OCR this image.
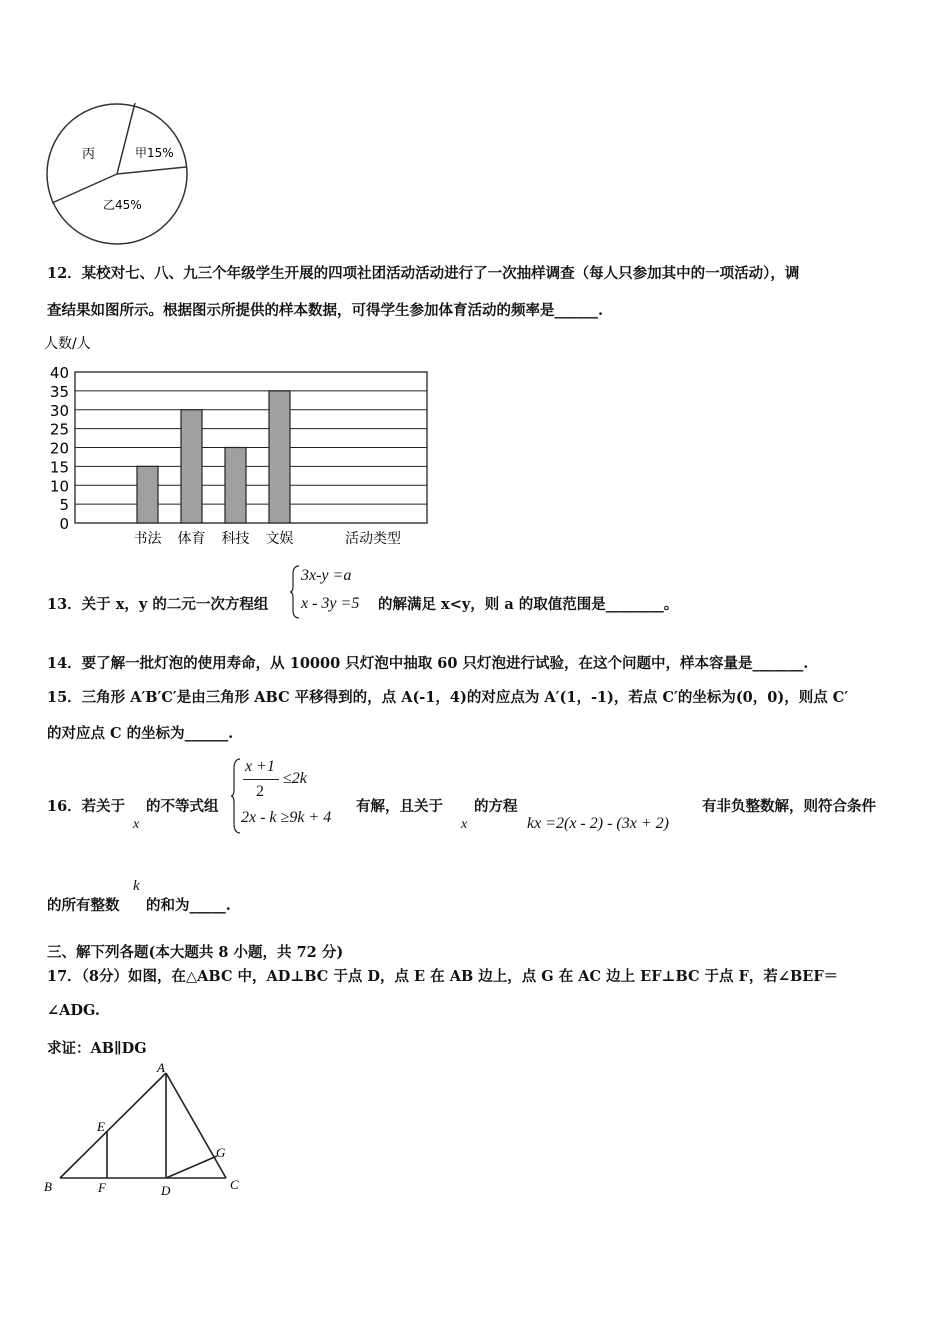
丙	甲15%
乙45%
12．某校对七、八、九三个年级学生开展的四项社团活动活动进行了一次抽样调查（每人只参加其中的一项活动），调
查结果如图所示。根据图示所提供的样本数据，可得学生参加体育活动的频率是______.
人数/人
0
5
10
15
20
25
30
35
40
书法 体育 科技 文娱	活动类型
13．关于 x，y 的二元一次方程组
3x-y =a
x - 3y =5 的解满足 x<y，则 a 的取值范围是________。
14．要了解一批灯泡的使用寿命，从 10000 只灯泡中抽取 60 只灯泡进行试验，在这个问题中，样本容量是_______.
15．三角形 A′B′C′是由三角形 ABC 平移得到的，点 A(-1，4)的对应点为 A′(1，-1)，若点 C′的坐标为(0，0)，则点 C′
的对应点 C 的坐标为______.
16．若关于
x
的不等式组
x +1
2
≤2k
2x - k ≥9k + 4
有解，且关于
x
的方程
kx =2(x - 2) - (3x + 2)
有非负整数解，则符合条件
的所有整数
k
的和为_____.
三、解下列各题(本大题共 8 小题，共 72 分)
17．（8分）如图，在△ABC 中，AD⊥BC 于点 D，点 E 在 AB 边上，点 G 在 AC 边上 EF⊥BC 于点 F，若∠BEF＝
∠ADG.
求证：AB∥DG
A
B	C
D
E
F
G
